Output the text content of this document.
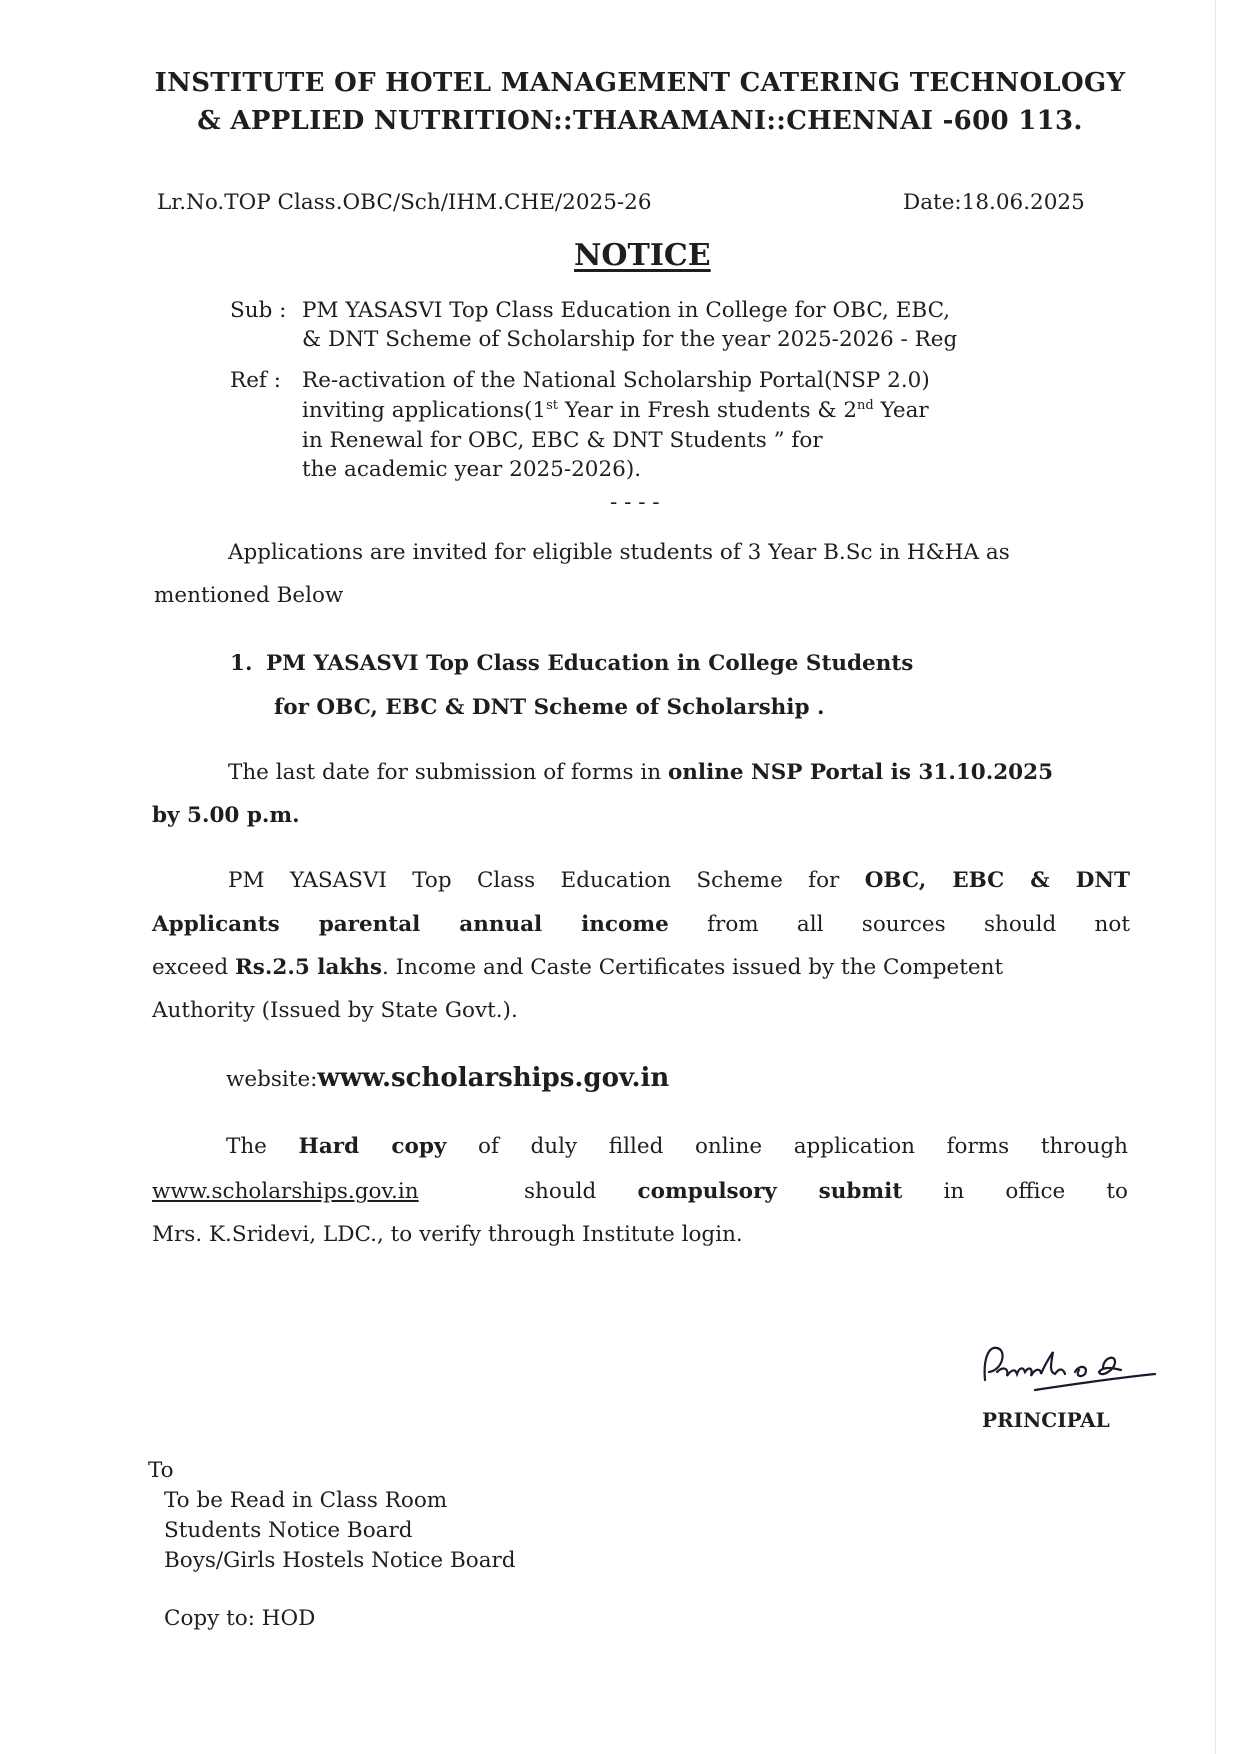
INSTITUTE OF HOTEL MANAGEMENT CATERING TECHNOLOGY
& APPLIED NUTRITION::THARAMANI::CHENNAI -600 113.
Lr.No.TOP Class.OBC/Sch/IHM.CHE/2025-26	Date:18.06.2025
NOTICE
Sub : PM YASASVI Top Class Education in College for OBC, EBC,
& DNT Scheme of Scholarship for the year 2025-2026 - Reg
Ref : Re-activation of the National Scholarship Portal(NSP 2.0)
inviting applications(1st Year in Fresh students & 2nd Year
in Renewal for OBC, EBC & DNT Students ” for
the academic year 2025-2026).
- - - -
Applications are invited for eligible students of 3 Year B.Sc in H&HA as
mentioned Below
1. PM YASASVI Top Class Education in College Students
for OBC, EBC & DNT Scheme of Scholarship .
The last date for submission of forms in online NSP Portal is 31.10.2025
by 5.00 p.m.
PM YASASVI Top Class Education Scheme for OBC, EBC & DNT
Applicants parental annual income from all sources should not
exceed Rs.2.5 lakhs. Income and Caste Certificates issued by the Competent
Authority (Issued by State Govt.).
website:www.scholarships.gov.in
The Hard copy of duly filled online application forms through
www.scholarships.gov.in	should compulsory submit in office to
Mrs. K.Sridevi, LDC., to verify through Institute login.
PRINCIPAL
To
To be Read in Class Room
Students Notice Board
Boys/Girls Hostels Notice Board
Copy to: HOD
